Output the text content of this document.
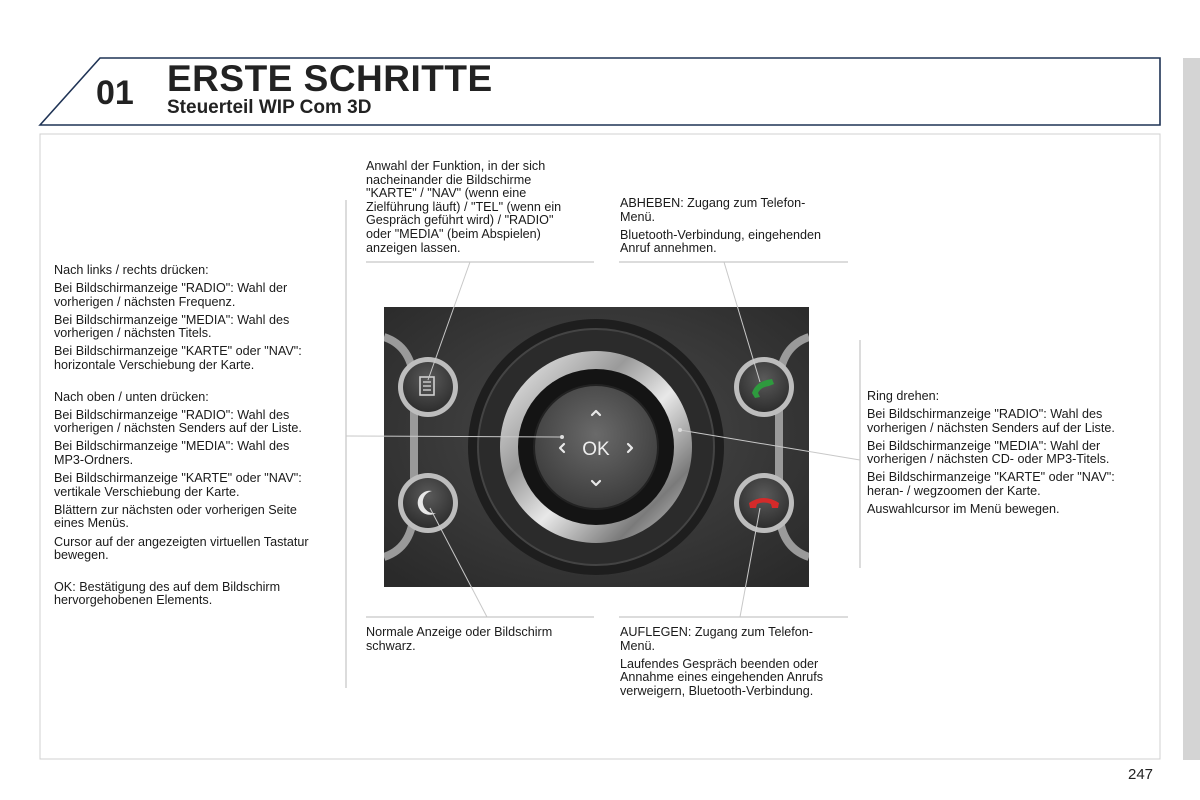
01 ERSTE SCHRITTE
Steuerteil WIP Com 3D
OK
Anwahl der Funktion, in der sich
nacheinander die Bildschirme
"KARTE" / "NAV" (wenn eine
Zielführung läuft) / "TEL" (wenn ein
Gespräch geführt wird) / "RADIO"
oder "MEDIA" (beim Abspielen)
anzeigen lassen.

ABHEBEN: Zugang zum Telefon-
Menü.

Bluetooth-Verbindung, eingehenden
Anruf annehmen.

Nach links / rechts drücken:

Bei Bildschirmanzeige "RADIO": Wahl der
vorherigen / nächsten Frequenz.

Bei Bildschirmanzeige "MEDIA": Wahl des
vorherigen / nächsten Titels.

Bei Bildschirmanzeige "KARTE" oder "NAV":
horizontale Verschiebung der Karte.

Nach oben / unten drücken:

Bei Bildschirmanzeige "RADIO": Wahl des
vorherigen / nächsten Senders auf der Liste.

Bei Bildschirmanzeige "MEDIA": Wahl des
MP3-Ordners.

Bei Bildschirmanzeige "KARTE" oder "NAV":
vertikale Verschiebung der Karte.

Blättern zur nächsten oder vorherigen Seite
eines Menüs.

Cursor auf der angezeigten virtuellen Tastatur
bewegen.

OK: Bestätigung des auf dem Bildschirm
hervorgehobenen Elements.

Ring drehen:

Bei Bildschirmanzeige "RADIO": Wahl des
vorherigen / nächsten Senders auf der Liste.

Bei Bildschirmanzeige "MEDIA": Wahl der
vorherigen / nächsten CD- oder MP3-Titels.

Bei Bildschirmanzeige "KARTE" oder "NAV":
heran- / wegzoomen der Karte.

Auswahlcursor im Menü bewegen.

Normale Anzeige oder Bildschirm
schwarz.

AUFLEGEN: Zugang zum Telefon-
Menü.

Laufendes Gespräch beenden oder
Annahme eines eingehenden Anrufs
verweigern, Bluetooth-Verbindung.

247
